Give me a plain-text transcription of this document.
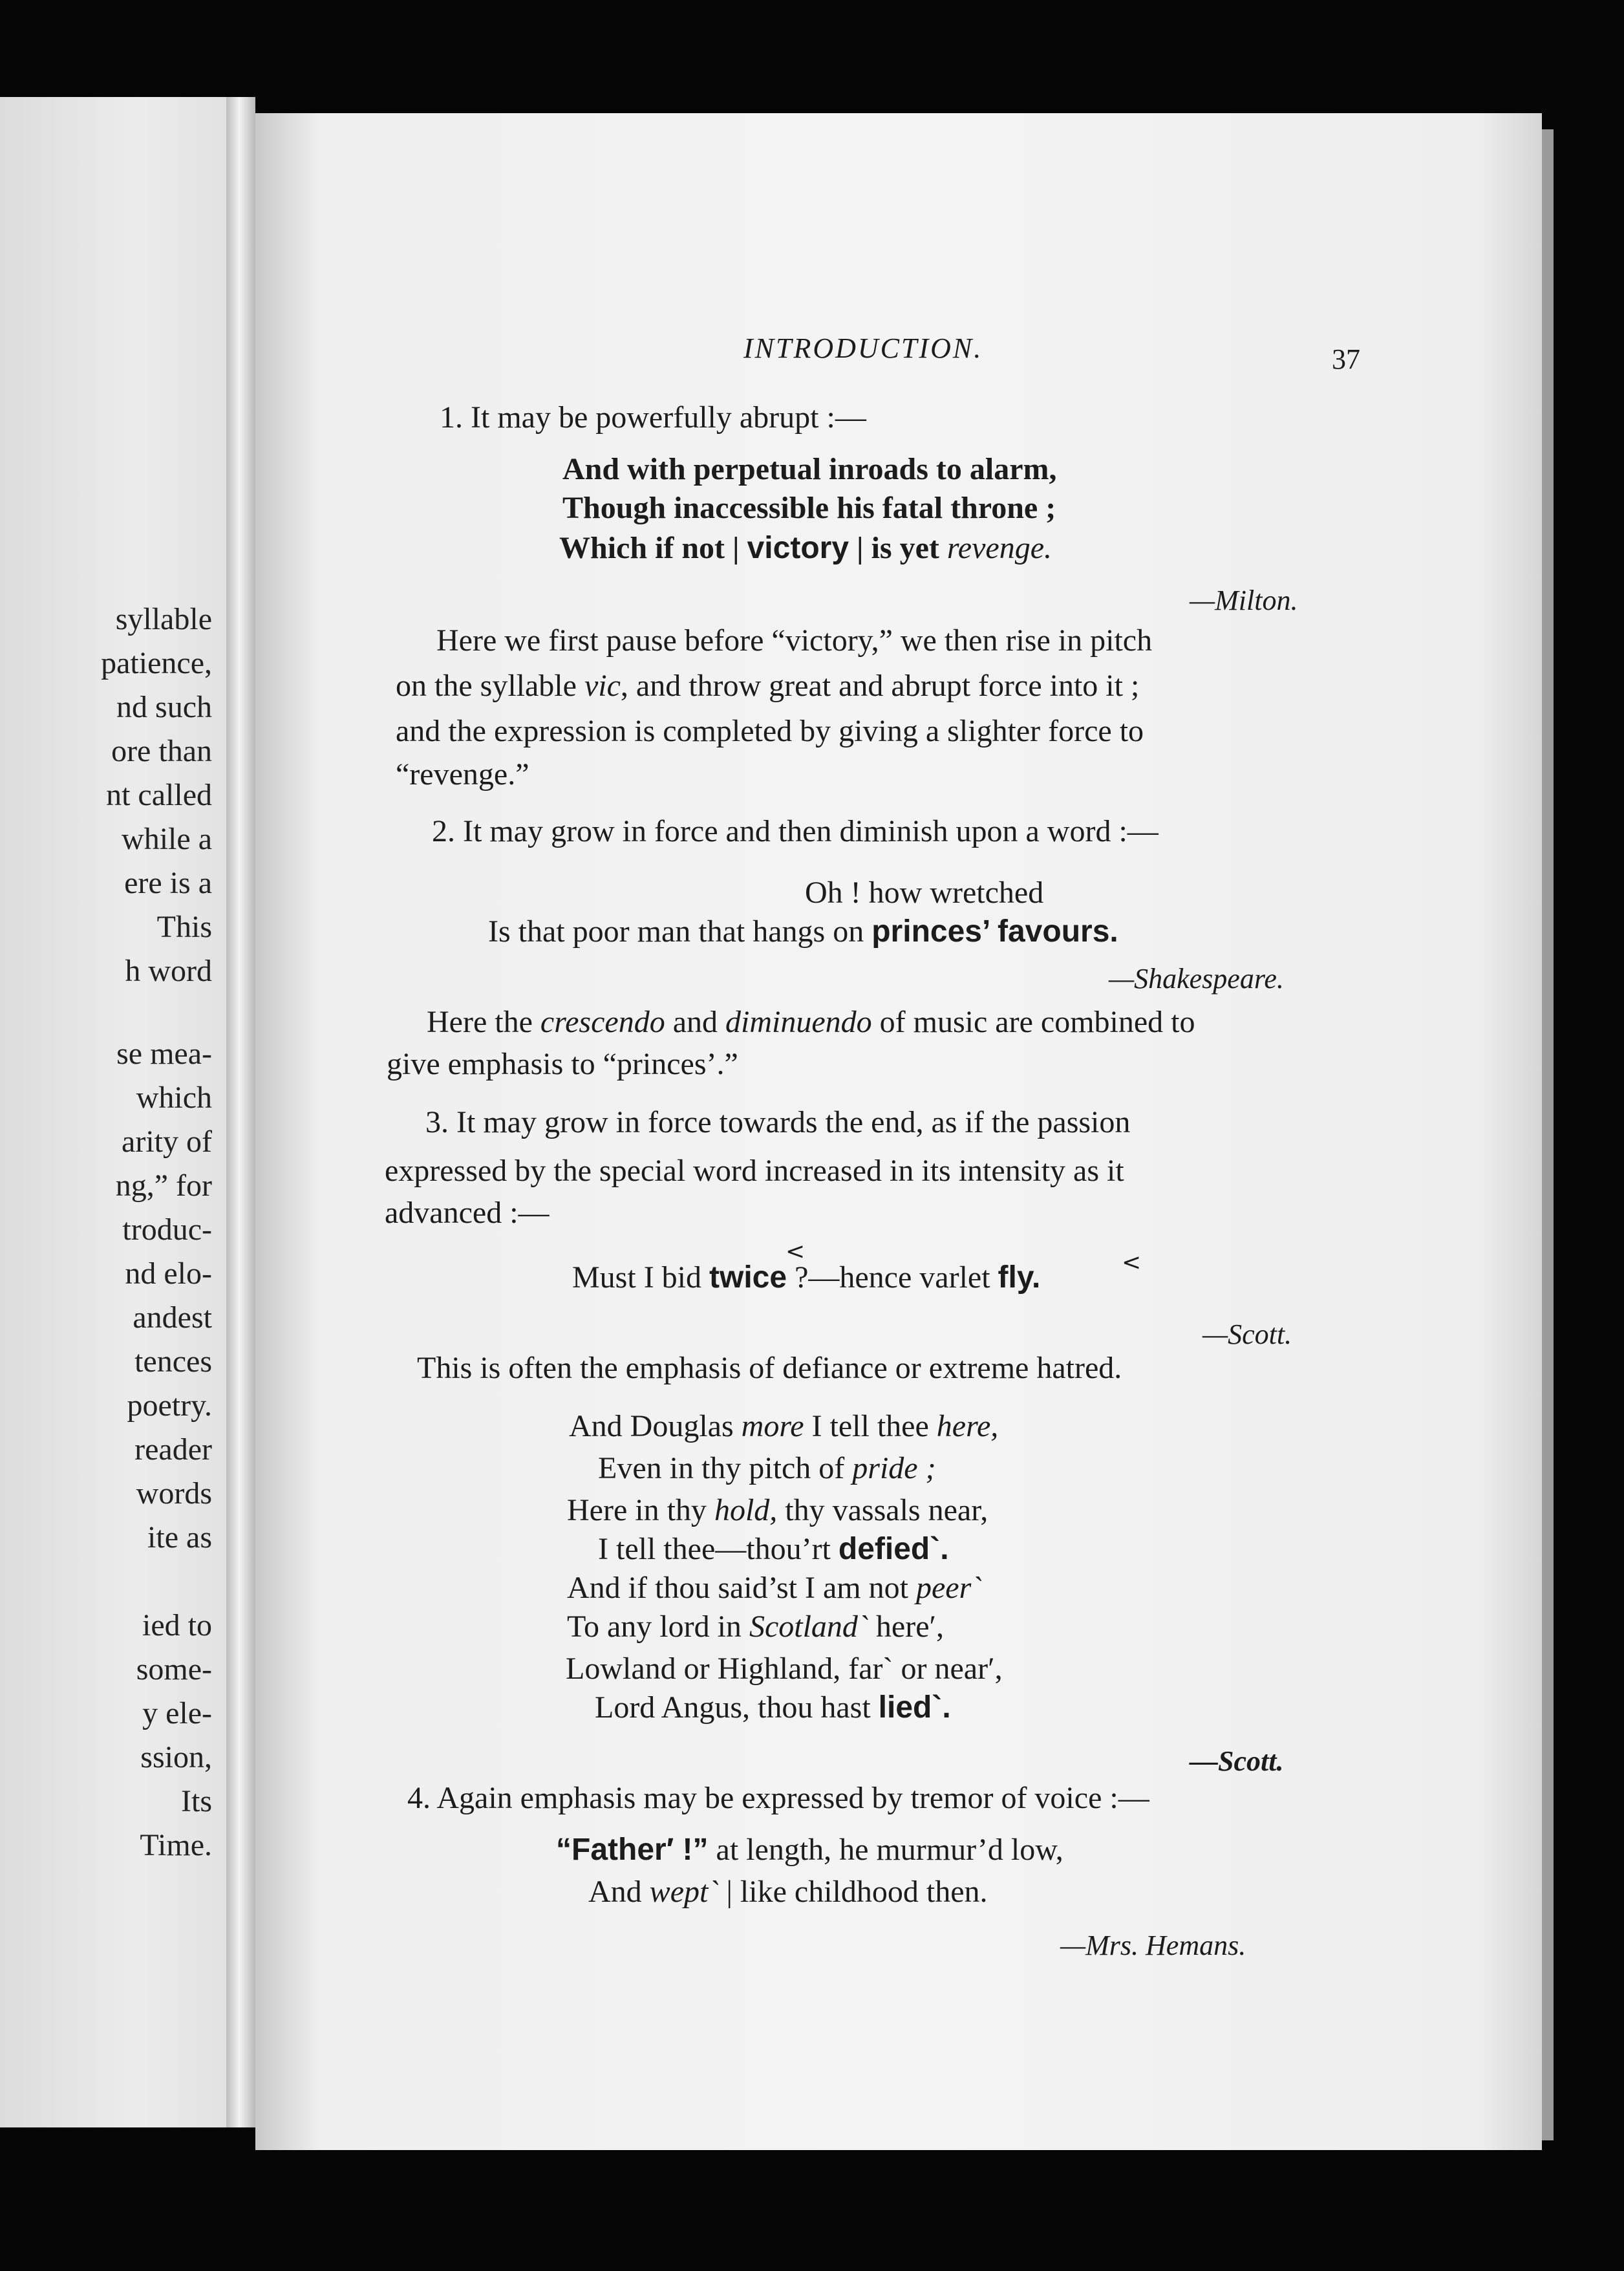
syllable
patience,
nd such
ore than
nt called
while a
ere is a
This
h word
se mea-
which
arity of
ng,” for
troduc-
nd elo-
andest
tences
poetry.
reader
words
ite as
ied to
some-
y ele-
ssion,
Its
Time.
INTRODUCTION.	37
1. It may be powerfully abrupt :—
And with perpetual inroads to alarm,
Though inaccessible his fatal throne ;
Which if not | victory | is yet revenge.
—Milton.
Here we first pause before “victory,” we then rise in pitch
on the syllable vic, and throw great and abrupt force into it ;
and the expression is completed by giving a slighter force to
“revenge.”
2. It may grow in force and then diminish upon a word :—
Oh ! how wretched
Is that poor man that hangs on princes’ favours.
—Shakespeare.
Here the crescendo and diminuendo of music are combined to
give emphasis to “princes’.”
3. It may grow in force towards the end, as if the passion
expressed by the special word increased in its intensity as it
advanced :—
<	<
Must I bid twice ?—hence varlet fly.
—Scott.
This is often the emphasis of defiance or extreme hatred.
And Douglas more I tell thee here,
Even in thy pitch of pride ;
Here in thy hold, thy vassals near,
I tell thee—thou’rt defied`.
And if thou said’st I am not peer`
To any lord in Scotland` here′,
Lowland or Highland, far` or near′,
Lord Angus, thou hast lied`.
—Scott.
4. Again emphasis may be expressed by tremor of voice :—
“Father′ !” at length, he murmur’d low,
And wept` | like childhood then.
—Mrs. Hemans.
